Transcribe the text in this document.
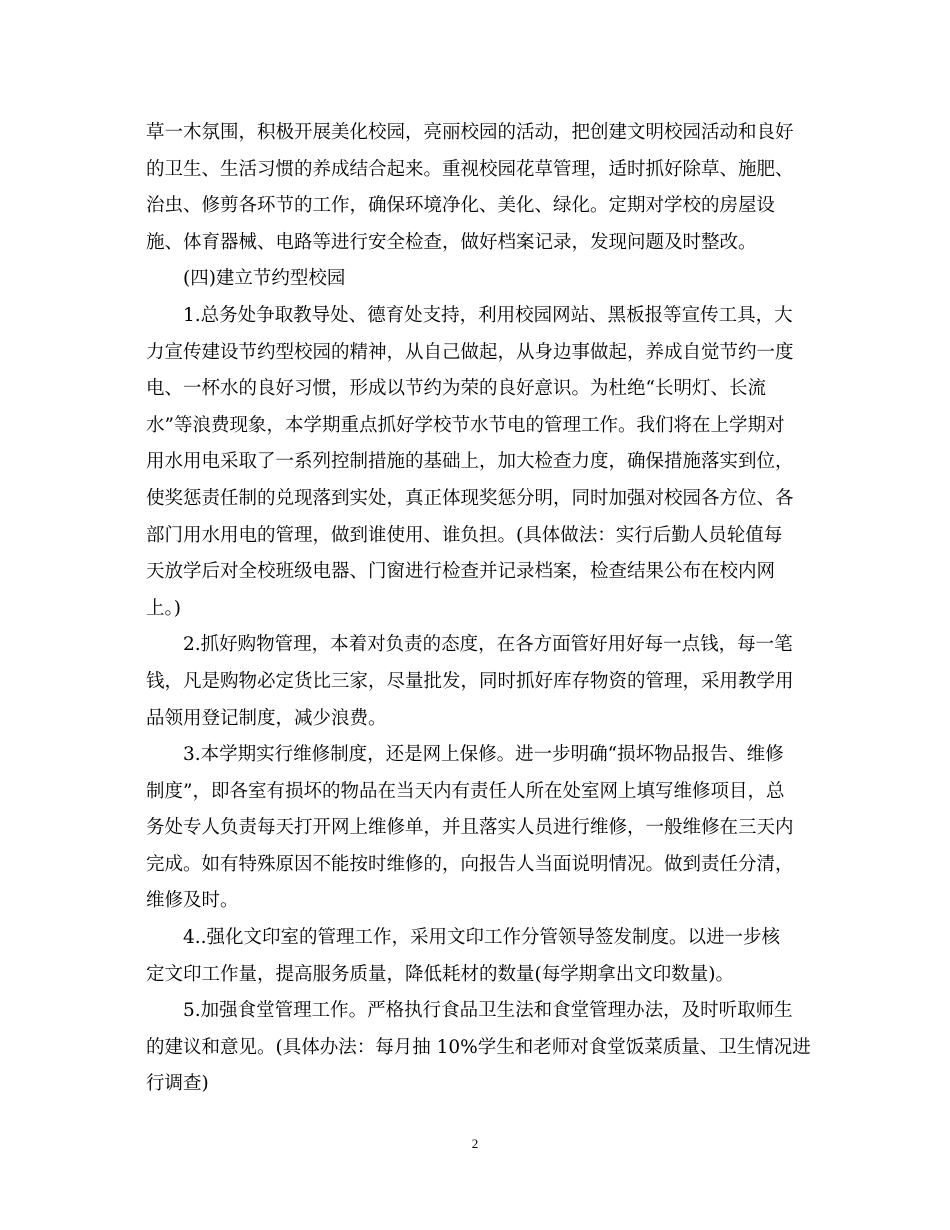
草一木氛围，积极开展美化校园，亮丽校园的活动，把创建文明校园活动和良好
的卫生、生活习惯的养成结合起来。重视校园花草管理，适时抓好除草、施肥、
治虫、修剪各环节的工作，确保环境净化、美化、绿化。定期对学校的房屋设
施、体育器械、电路等进行安全检查，做好档案记录，发现问题及时整改。

　　(四)建立节约型校园

　　1.总务处争取教导处、德育处支持，利用校园网站、黑板报等宣传工具，大
力宣传建设节约型校园的精神，从自己做起，从身边事做起，养成自觉节约一度
电、一杯水的良好习惯，形成以节约为荣的良好意识。为杜绝“长明灯、长流
水”等浪费现象，本学期重点抓好学校节水节电的管理工作。我们将在上学期对
用水用电采取了一系列控制措施的基础上，加大检查力度，确保措施落实到位，
使奖惩责任制的兑现落到实处，真正体现奖惩分明，同时加强对校园各方位、各
部门用水用电的管理，做到谁使用、谁负担。(具体做法：实行后勤人员轮值每
天放学后对全校班级电器、门窗进行检查并记录档案，检查结果公布在校内网
上。)

　　2.抓好购物管理，本着对负责的态度，在各方面管好用好每一点钱，每一笔
钱，凡是购物必定货比三家，尽量批发，同时抓好库存物资的管理，采用教学用
品领用登记制度，减少浪费。

　　3.本学期实行维修制度，还是网上保修。进一步明确“损坏物品报告、维修
制度”，即各室有损坏的物品在当天内有责任人所在处室网上填写维修项目，总
务处专人负责每天打开网上维修单，并且落实人员进行维修，一般维修在三天内
完成。如有特殊原因不能按时维修的，向报告人当面说明情况。做到责任分清，
维修及时。

　　4..强化文印室的管理工作，采用文印工作分管领导签发制度。以进一步核
定文印工作量，提高服务质量，降低耗材的数量(每学期拿出文印数量)。

　　5.加强食堂管理工作。严格执行食品卫生法和食堂管理办法，及时听取师生
的建议和意见。(具体办法：每月抽 10%学生和老师对食堂饭菜质量、卫生情况进
行调查)

2
